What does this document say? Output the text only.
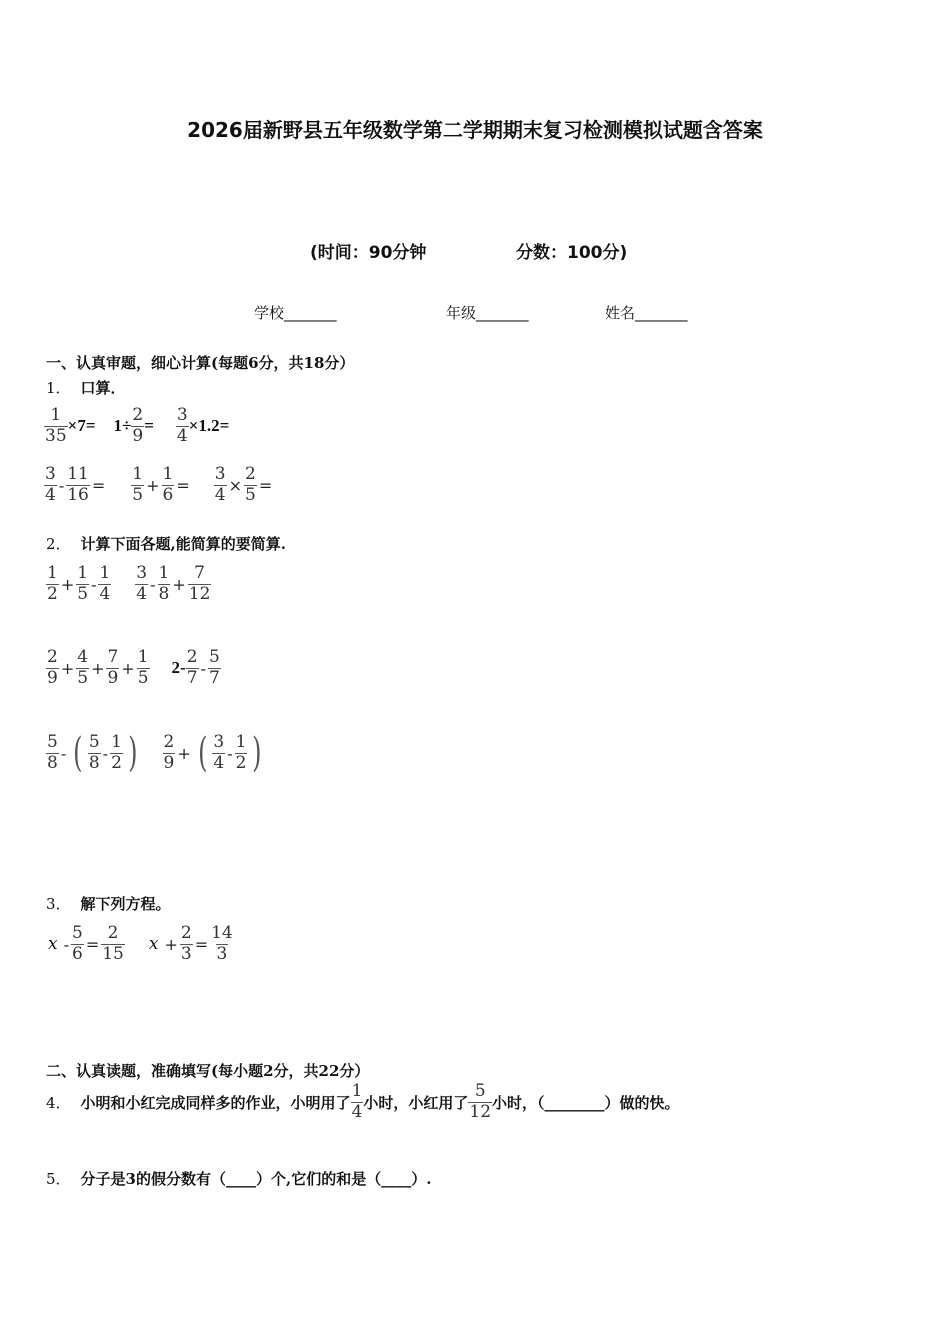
2026届新野县五年级数学第二学期期末复习检测模拟试题含答案
(时间：90分钟	分数：100分)
学校_______	年级_______	姓名_______
一、认真审题，细心计算(每题6分，共18分）
1． 口算．
$\frac{1}{35} \times 7= 1\div \frac{2}{9} = \frac{3}{4} \times 1.2=$
$\frac{3}{4} - \frac{11}{16} = \frac{1}{5} + \frac{1}{6} = \frac{3}{4} \times \frac{2}{5}$ =
2． 计算下面各题,能简算的要简算.
$\frac{1}{2} + \frac{1}{5} - \frac{1}{4} \frac{3}{4} - \frac{1}{8} + \frac{7}{12}$
$\frac{2}{9} + \frac{4}{5} + \frac{7}{9} + \frac{1}{5} 2- \frac{2}{7} - \frac{5}{7}$
$\frac{5}{8}$ - ( $\frac{5}{8} - \frac{1}{2}$ ) $\frac{2}{9}$ + ( $\frac{3}{4} - \frac{1}{2}$ )
3． 解下列方程。
$x - \frac{5}{6} = \frac{2}{15}$ $x + \frac{2}{3} = \frac{14}{3}$
二、认真读题，准确填写(每小题2分，共22分）
4． 小明和小红完成同样多的作业，小明用了 $\frac{1}{4}$ 小时，小红用了 $\frac{5}{12}$ 小时，（________）做的快。
5． 分子是3的假分数有（____）个,它们的和是（____）.
